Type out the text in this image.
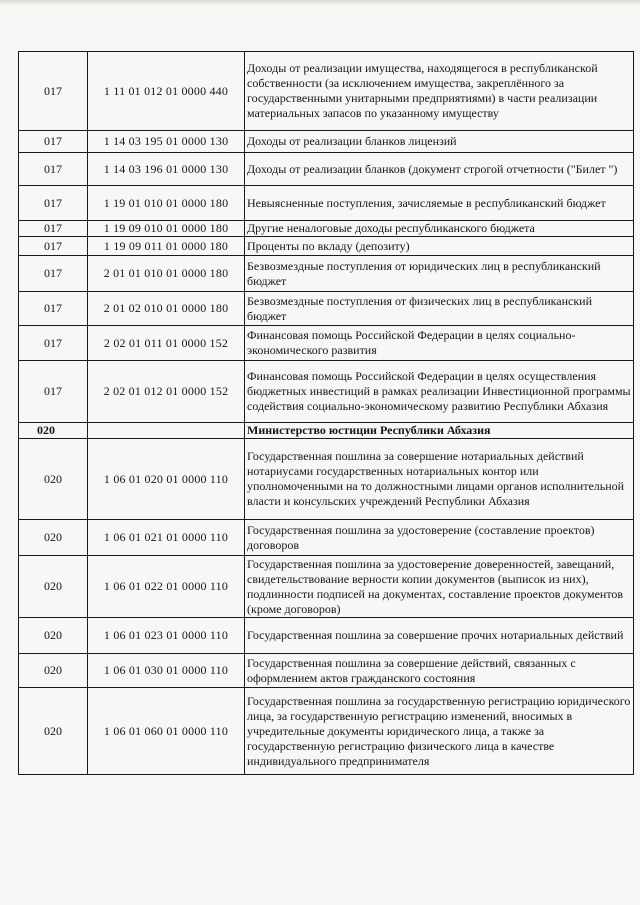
017	1 11 01 012 01 0000 440	Доходы от реализации имущества, находящегося в республиканской собственности (за исключением имущества, закреплённого за государственными унитарными предприятиями) в части реализации материальных запасов по указанному имуществу
017	1 14 03 195 01 0000 130	Доходы от реализации бланков лицензий
017	1 14 03 196 01 0000 130	Доходы от реализации бланков (документ строгой отчетности ("Билет ")
017	1 19 01 010 01 0000 180	Невыясненные поступления, зачисляемые в республиканский бюджет
017	1 19 09 010 01 0000 180	Другие неналоговые доходы республиканского бюджета
017	1 19 09 011 01 0000 180	Проценты по вкладу (депозиту)
017	2 01 01 010 01 0000 180	Безвозмездные поступления от юридических лиц в республиканский бюджет
017	2 01 02 010 01 0000 180	Безвозмездные поступления от физических лиц в республиканский бюджет
017	2 02 01 011 01 0000 152	Финансовая помощь Российской Федерации в целях социально-экономического развития
017	2 02 01 012 01 0000 152	Финансовая помощь Российской Федерации в целях осуществления бюджетных инвестиций в рамках реализации Инвестиционной программы содействия социально-экономическому развитию Республики Абхазия
020		Министерство юстиции Республики Абхазия
020	1 06 01 020 01 0000 110	Государственная пошлина за совершение нотариальных действий нотариусами государственных нотариальных контор или уполномоченными на то должностными лицами органов исполнительной власти и консульских учреждений Республики Абхазия
020	1 06 01 021 01 0000 110	Государственная пошлина за удостоверение (составление проектов) договоров
020	1 06 01 022 01 0000 110	Государственная пошлина за удостоверение доверенностей, завещаний, свидетельствование верности копии документов (выписок из них), подлинности подписей на документах, составление проектов документов (кроме договоров)
020	1 06 01 023 01 0000 110	Государственная пошлина за совершение прочих нотариальных действий
020	1 06 01 030 01 0000 110	Государственная пошлина за совершение действий, связанных с оформлением актов гражданского состояния
020	1 06 01 060 01 0000 110	Государственная пошлина за государственную регистрацию юридического лица, за государственную регистрацию изменений, вносимых в учредительные документы юридического лица, а также за государственную регистрацию физического лица в качестве индивидуального предпринимателя
